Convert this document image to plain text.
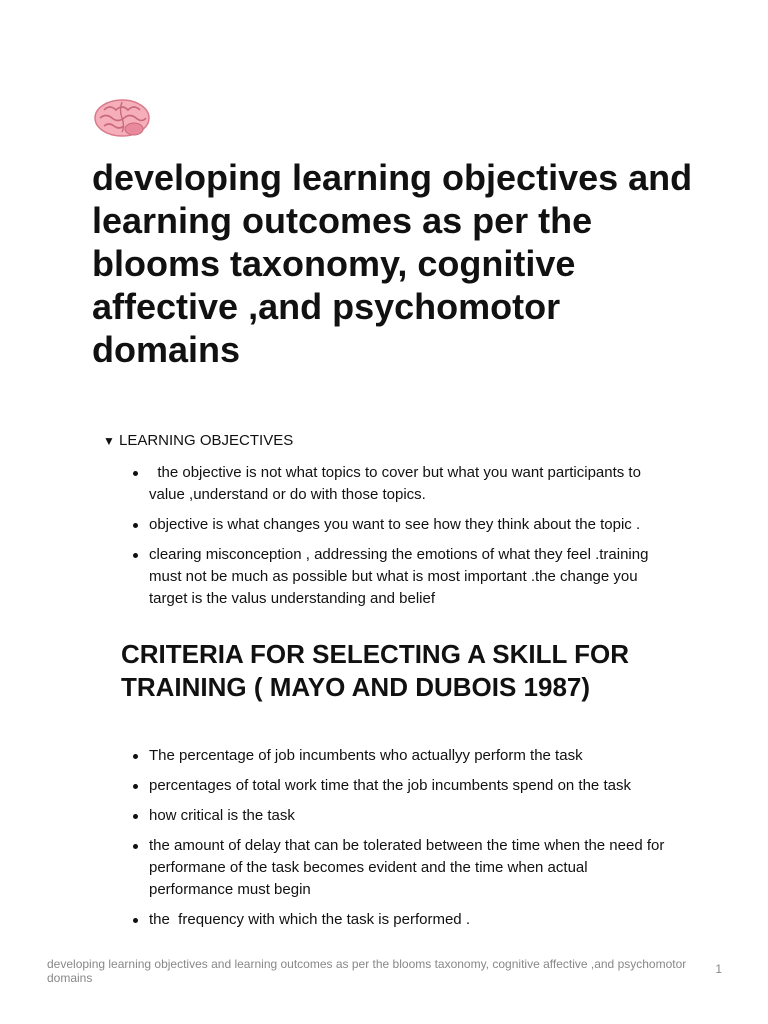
developing learning objectives and learning outcomes as per the blooms taxonomy, cognitive affective ,and psychomotor domains
▼ LEARNING OBJECTIVES
the objective is not what topics to cover but what you want participants to value ,understand or do with those topics.
objective is what changes you want to see how they think about the topic .
clearing misconception , addressing the emotions of what they feel .training must not be much as possible but what is most important .the change you target is the valus understanding and belief
CRITERIA FOR SELECTING A SKILL FOR TRAINING ( MAYO AND DUBOIS 1987)
The percentage of job incumbents who actuallyy perform the task
percentages of total work time that the job incumbents spend on the task
how critical is the task
the amount of delay that can be tolerated between the time when the need for performane of the task becomes evident and the time when actual performance must begin
the  frequency with which the task is performed .
developing learning objectives and learning outcomes as per the blooms taxonomy, cognitive affective ,and psychomotor domains
1
